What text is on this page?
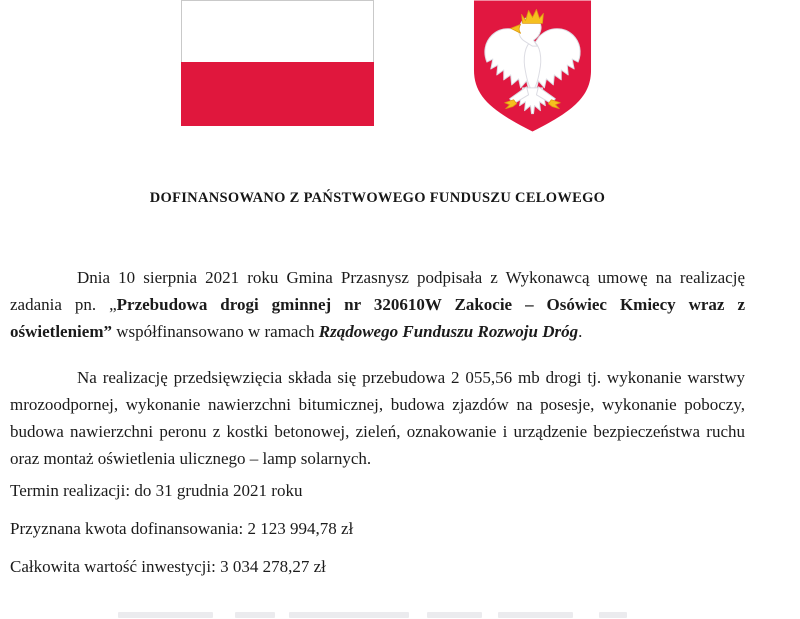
DOFINANSOWANO Z PAŃSTWOWEGO FUNDUSZU CELOWEGO

Dnia 10 sierpnia 2021 roku Gmina Przasnysz podpisała z Wykonawcą umowę na realizację zadania pn. „Przebudowa drogi gminnej nr 320610W Zakocie – Osówiec Kmiecy wraz z oświetleniem” współfinansowano w ramach Rządowego Funduszu Rozwoju Dróg.

Na realizację przedsięwzięcia składa się przebudowa 2 055,56 mb drogi tj. wykonanie warstwy mrozoodpornej, wykonanie nawierzchni bitumicznej, budowa zjazdów na posesje, wykonanie poboczy, budowa nawierzchni peronu z kostki betonowej, zieleń, oznakowanie i urządzenie bezpieczeństwa ruchu oraz montaż oświetlenia ulicznego – lamp solarnych.

Termin realizacji: do 31 grudnia 2021 roku

Przyznana kwota dofinansowania: 2 123 994,78 zł

Całkowita wartość inwestycji: 3 034 278,27 zł
